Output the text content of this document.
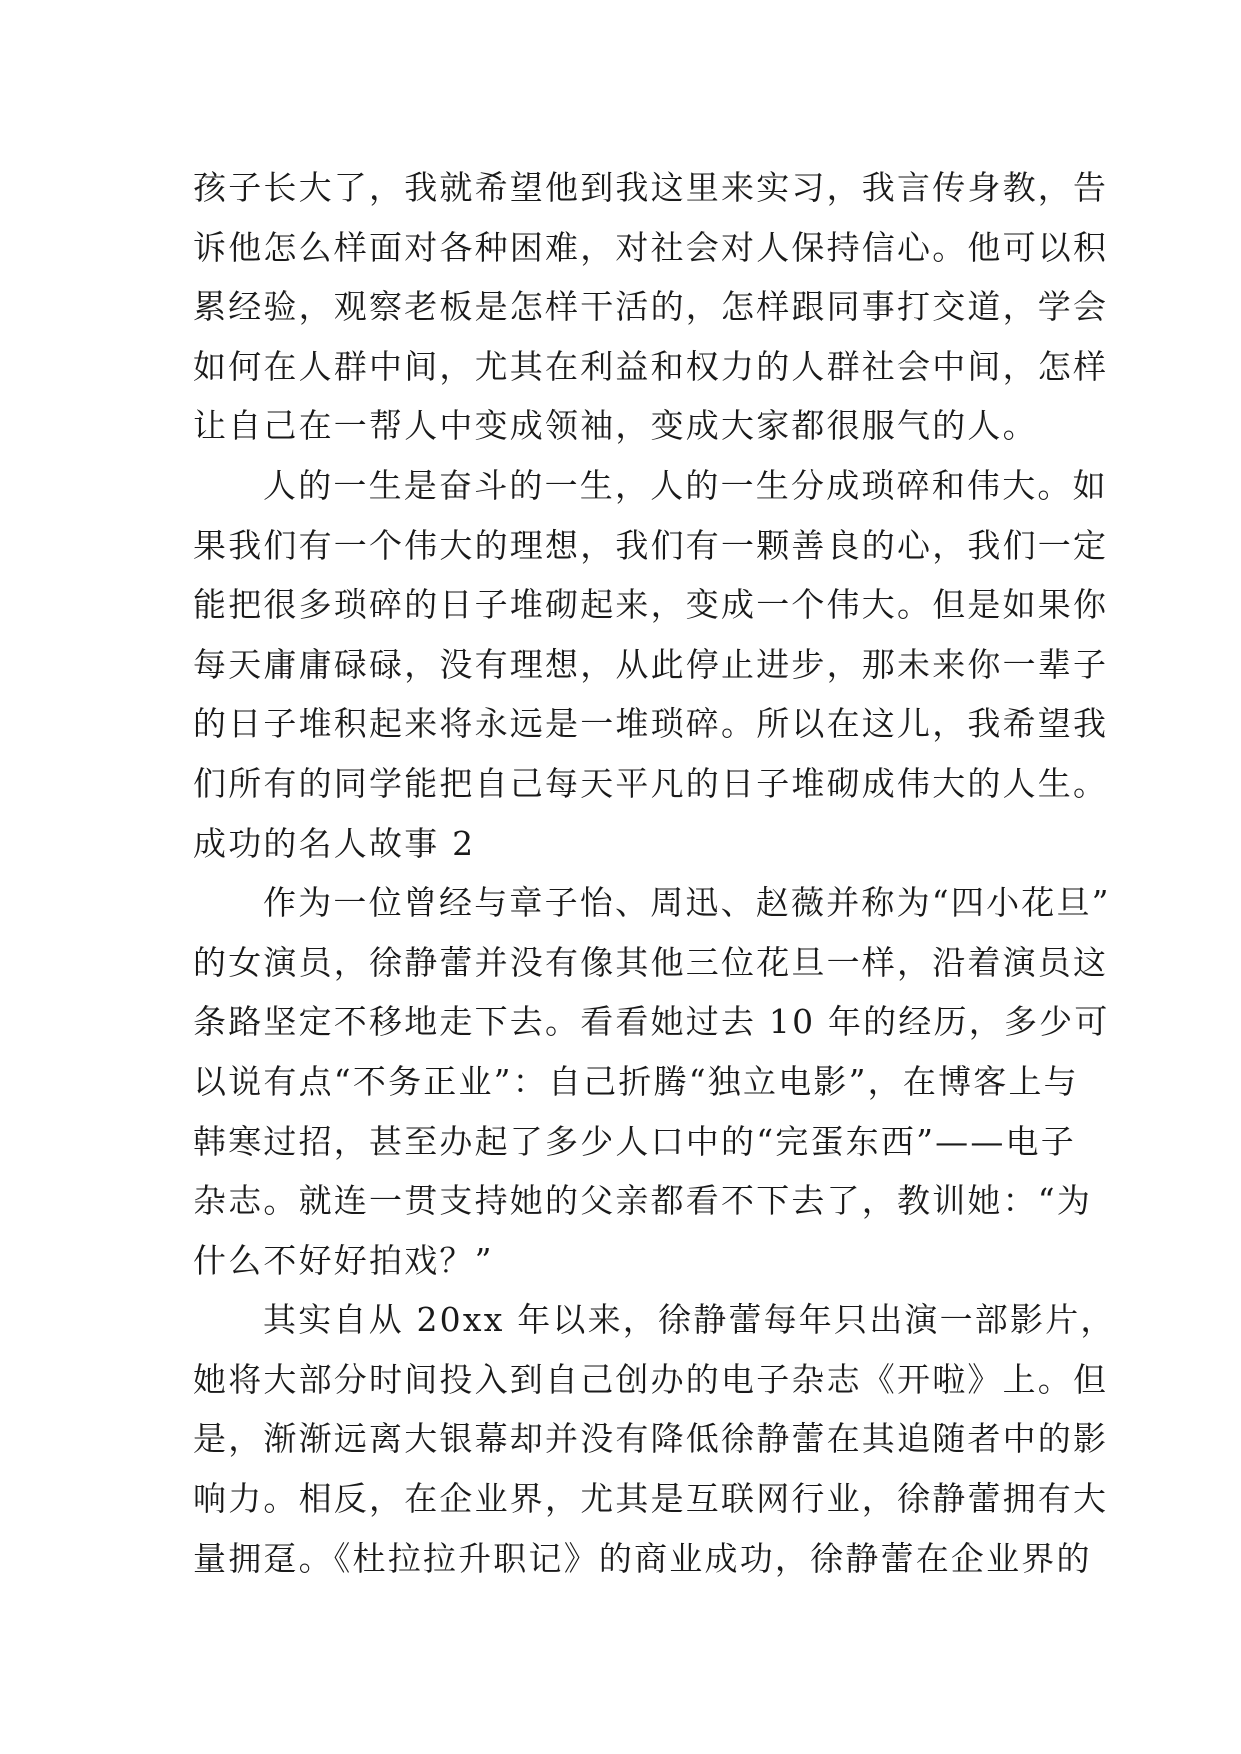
孩子长大了，我就希望他到我这里来实习，我言传身教，告
诉他怎么样面对各种困难，对社会对人保持信心。他可以积
累经验，观察老板是怎样干活的，怎样跟同事打交道，学会
如何在人群中间，尤其在利益和权力的人群社会中间，怎样
让自己在一帮人中变成领袖，变成大家都很服气的人。
人的一生是奋斗的一生，人的一生分成琐碎和伟大。如
果我们有一个伟大的理想，我们有一颗善良的心，我们一定
能把很多琐碎的日子堆砌起来，变成一个伟大。但是如果你
每天庸庸碌碌，没有理想，从此停止进步，那未来你一辈子
的日子堆积起来将永远是一堆琐碎。所以在这儿，我希望我
们所有的同学能把自己每天平凡的日子堆砌成伟大的人生。
成功的名人故事 2
作为一位曾经与章子怡、周迅、赵薇并称为“四小花旦”
的女演员，徐静蕾并没有像其他三位花旦一样，沿着演员这
条路坚定不移地走下去。看看她过去 10 年的经历，多少可
以说有点“不务正业”：自己折腾“独立电影”，在博客上与
韩寒过招，甚至办起了多少人口中的“完蛋东西”——电子
杂志。就连一贯支持她的父亲都看不下去了，教训她：“为
什么不好好拍戏？”
其实自从 20xx 年以来，徐静蕾每年只出演一部影片，
她将大部分时间投入到自己创办的电子杂志《开啦》上。但
是，渐渐远离大银幕却并没有降低徐静蕾在其追随者中的影
响力。相反，在企业界，尤其是互联网行业，徐静蕾拥有大
量拥趸。《杜拉拉升职记》的商业成功，徐静蕾在企业界的
